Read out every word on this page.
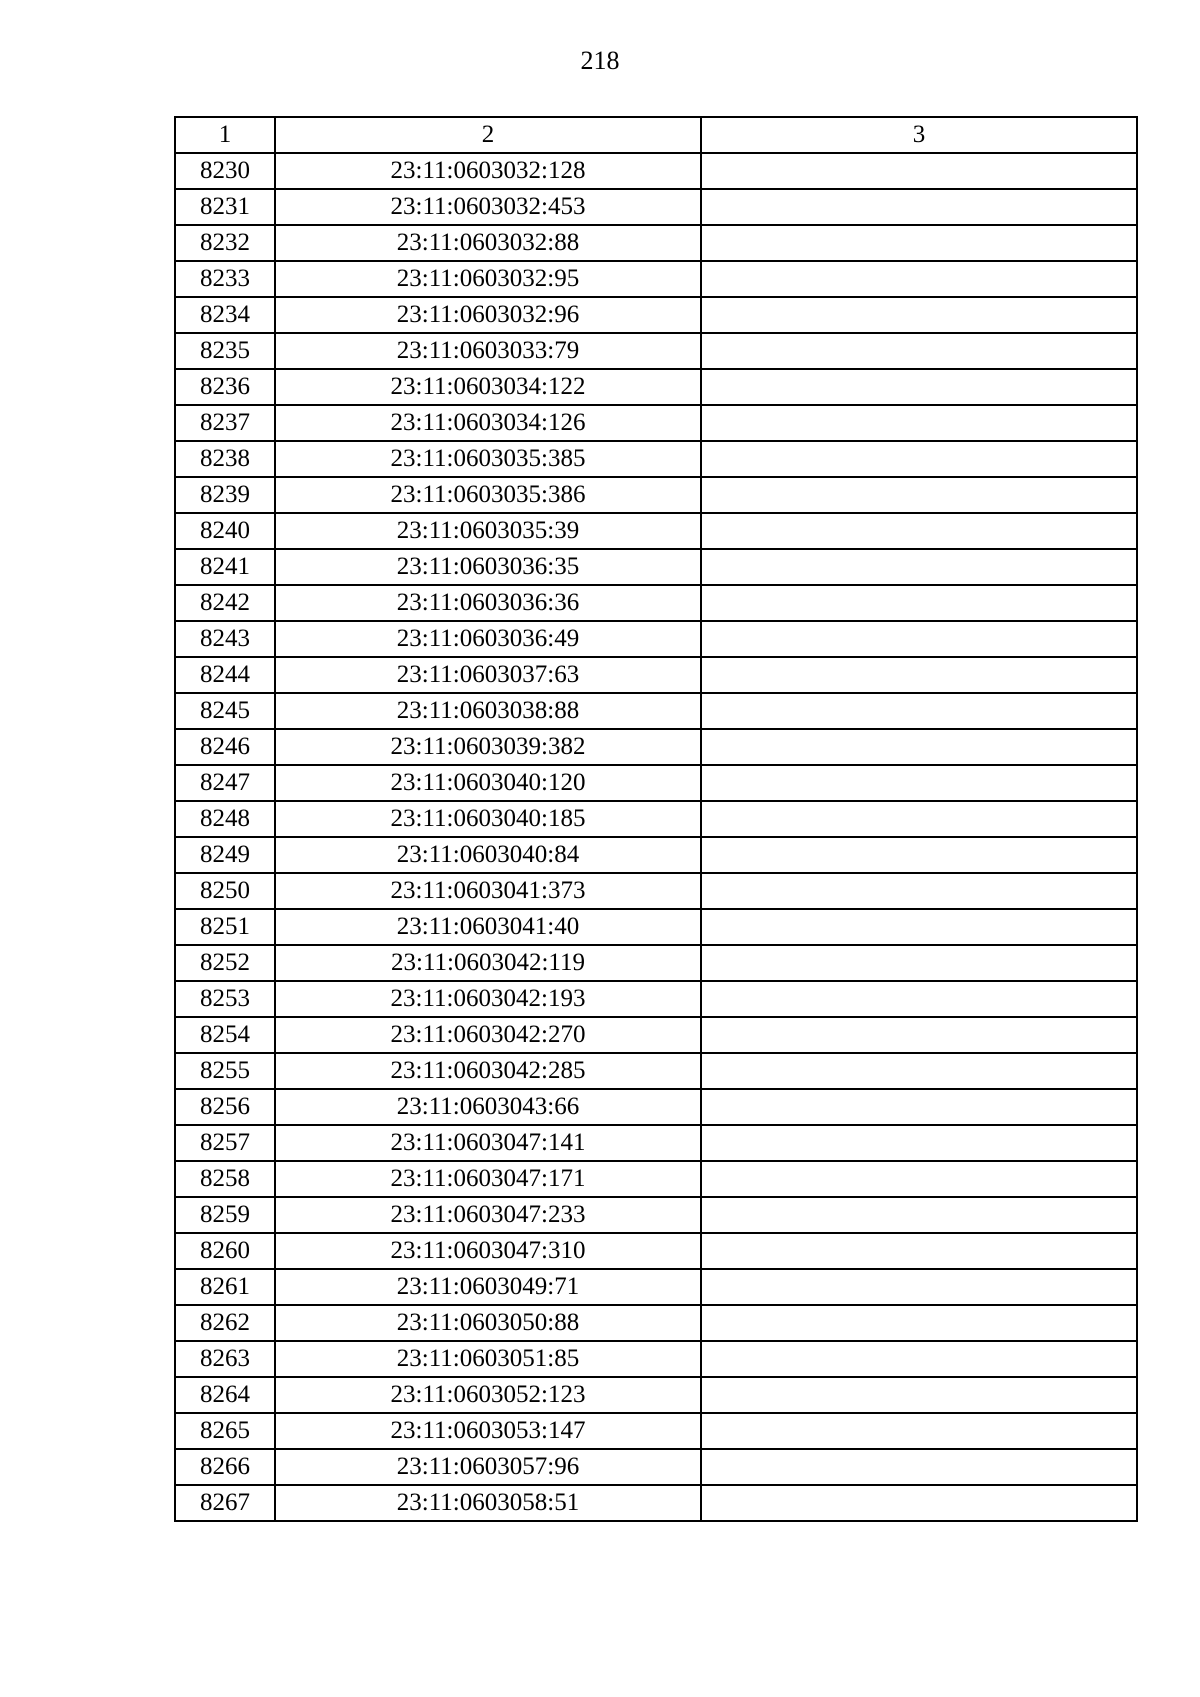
218
1	2	3
8230	23:11:0603032:128	
8231	23:11:0603032:453	
8232	23:11:0603032:88	
8233	23:11:0603032:95	
8234	23:11:0603032:96	
8235	23:11:0603033:79	
8236	23:11:0603034:122	
8237	23:11:0603034:126	
8238	23:11:0603035:385	
8239	23:11:0603035:386	
8240	23:11:0603035:39	
8241	23:11:0603036:35	
8242	23:11:0603036:36	
8243	23:11:0603036:49	
8244	23:11:0603037:63	
8245	23:11:0603038:88	
8246	23:11:0603039:382	
8247	23:11:0603040:120	
8248	23:11:0603040:185	
8249	23:11:0603040:84	
8250	23:11:0603041:373	
8251	23:11:0603041:40	
8252	23:11:0603042:119	
8253	23:11:0603042:193	
8254	23:11:0603042:270	
8255	23:11:0603042:285	
8256	23:11:0603043:66	
8257	23:11:0603047:141	
8258	23:11:0603047:171	
8259	23:11:0603047:233	
8260	23:11:0603047:310	
8261	23:11:0603049:71	
8262	23:11:0603050:88	
8263	23:11:0603051:85	
8264	23:11:0603052:123	
8265	23:11:0603053:147	
8266	23:11:0603057:96	
8267	23:11:0603058:51	
